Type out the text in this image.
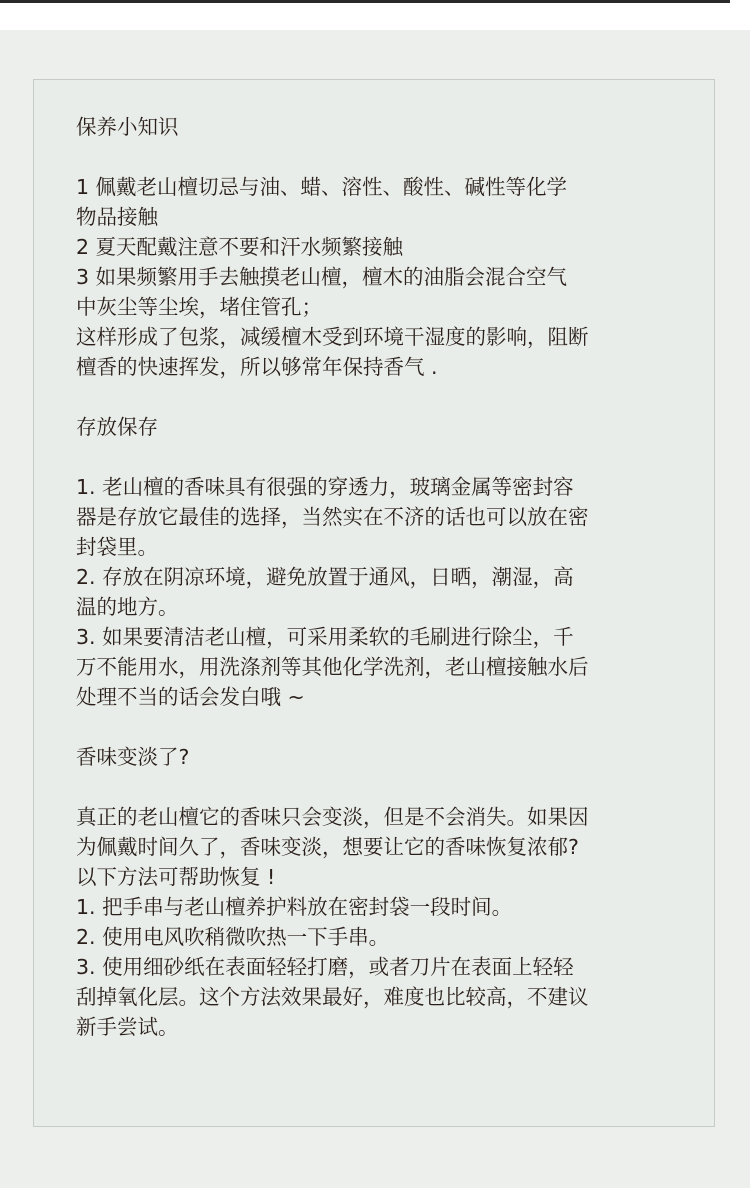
保养小知识
1 佩戴老山檀切忌与油、蜡、溶性、酸性、碱性等化学
物品接触
2 夏天配戴注意不要和汗水频繁接触
3 如果频繁用手去触摸老山檀，檀木的油脂会混合空气
中灰尘等尘埃，堵住管孔；
这样形成了包浆，减缓檀木受到环境干湿度的影响，阻断
檀香的快速挥发，所以够常年保持香气 .
存放保存
1. 老山檀的香味具有很强的穿透力，玻璃金属等密封容
器是存放它最佳的选择，当然实在不济的话也可以放在密
封袋里。
2. 存放在阴凉环境，避免放置于通风，日晒，潮湿，高
温的地方。
3. 如果要清洁老山檀，可采用柔软的毛刷进行除尘，千
万不能用水，用洗涤剂等其他化学洗剂，老山檀接触水后
处理不当的话会发白哦 ~
香味变淡了?
真正的老山檀它的香味只会变淡，但是不会消失。如果因
为佩戴时间久了，香味变淡，想要让它的香味恢复浓郁?
以下方法可帮助恢复 !
1. 把手串与老山檀养护料放在密封袋一段时间。
2. 使用电风吹稍微吹热一下手串。
3. 使用细砂纸在表面轻轻打磨，或者刀片在表面上轻轻
刮掉氧化层。这个方法效果最好，难度也比较高，不建议
新手尝试。
